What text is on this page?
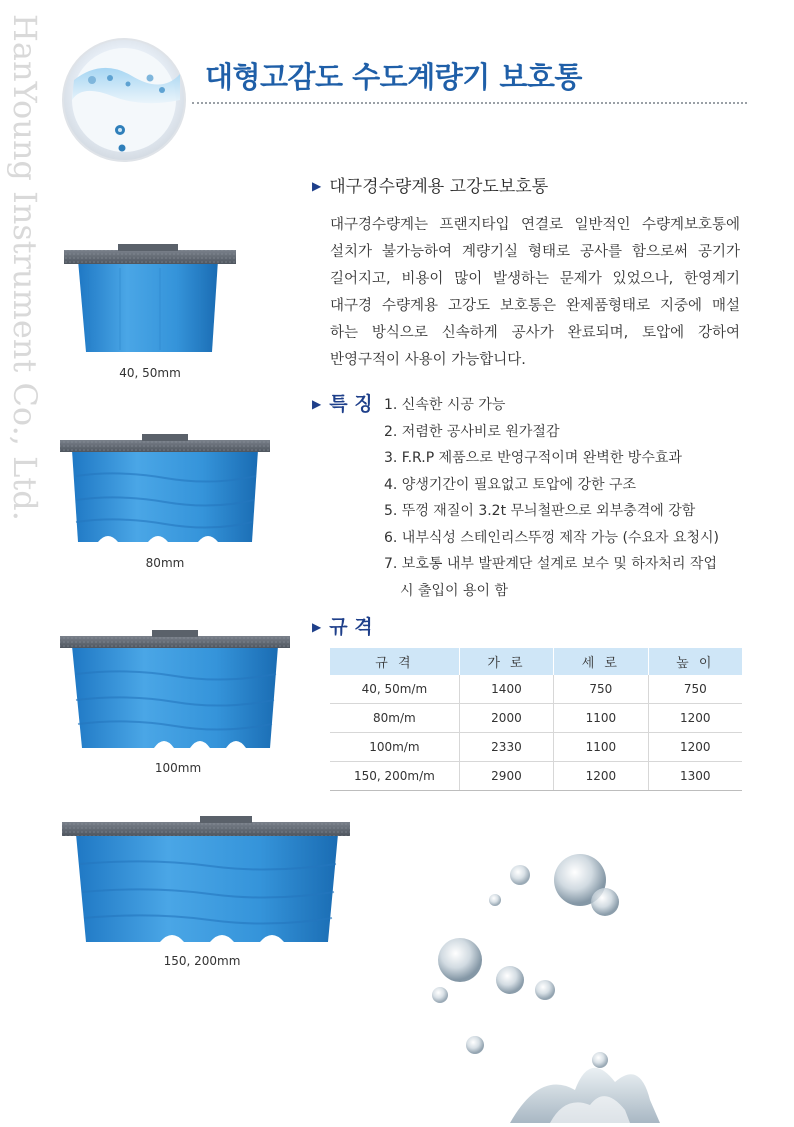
HanYoung Instrument Co., Ltd.	대형고감도 수도계량기 보호통
▶ 대구경수량계용 고강도보호통
대구경수량계는 프랜지타입 연결로 일반적인 수량계보호통에
설치가 불가능하여 계량기실 형태로 공사를 함으로써 공기가
길어지고, 비용이 많이 발생하는 문제가 있었으나, 한영계기
대구경 수량계용 고강도 보호통은 완제품형태로 지중에 매설
하는 방식으로 신속하게 공사가 완료되며, 토압에 강하여
반영구적이 사용이 가능합니다.
▶ 특 징 1. 신속한 시공 가능
2. 저렴한 공사비로 원가절감
3. F.R.P 제품으로 반영구적이며 완벽한 방수효과
4. 양생기간이 필요없고 토압에 강한 구조
5. 뚜껑 재질이 3.2t 무늬철판으로 외부충격에 강함
6. 내부식성 스테인리스뚜껑 제작 가능 (수요자 요청시)
7. 보호통 내부 발판계단 설계로 보수 및 하자처리 작업
시 출입이 용이 함
▶ 규 격
규 격	가 로	세 로	높 이
40, 50m/m	1400	750	750
80m/m	2000	1100	1200
100m/m	2330	1100	1200
150, 200m/m	2900	1200	1300
40, 50mm
80mm
100mm
150, 200mm
